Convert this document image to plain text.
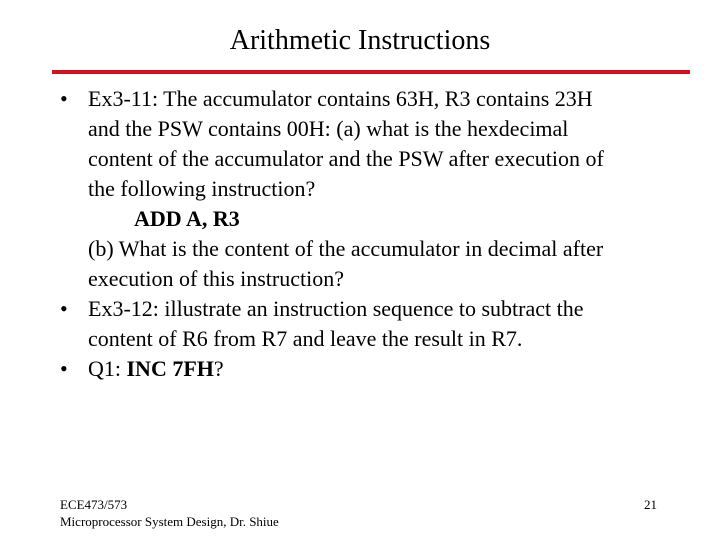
Arithmetic Instructions
• Ex3-11: The accumulator contains 63H, R3 contains 23H
and the PSW contains 00H: (a) what is the hexdecimal
content of the accumulator and the PSW after execution of
the following instruction?
ADD A, R3
(b) What is the content of the accumulator in decimal after
execution of this instruction?
• Ex3-12: illustrate an instruction sequence to subtract the
content of R6 from R7 and leave the result in R7.
• Q1: INC 7FH?
ECE473/573
Microprocessor System Design, Dr. Shiue
21
